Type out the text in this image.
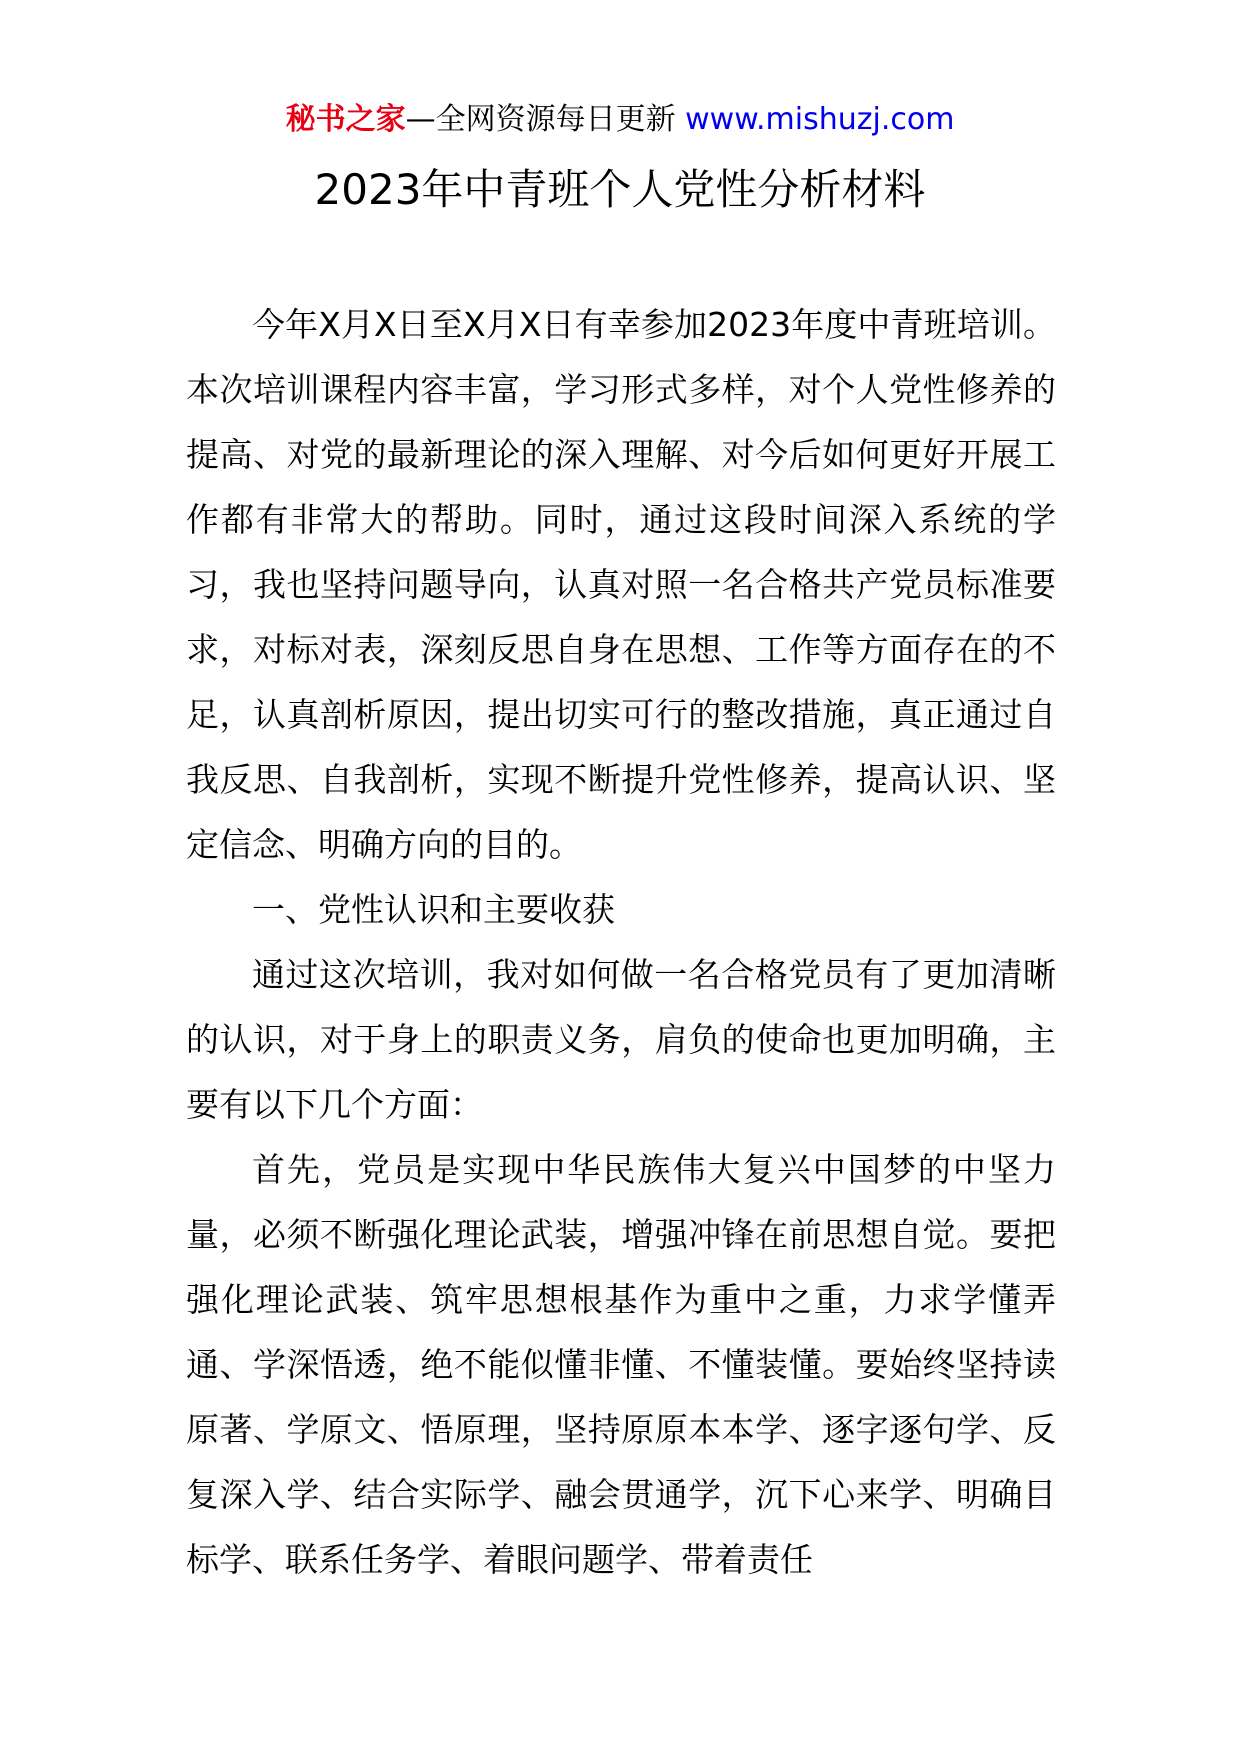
秘书之家—全网资源每日更新 www.mishuzj.com
2023年中青班个人党性分析材料

今年X月X日至X月X日有幸参加2023年度中青班培训。本次培训课程内容丰富，学习形式多样，对个人党性修养的提高、对党的最新理论的深入理解、对今后如何更好开展工作都有非常大的帮助。同时，通过这段时间深入系统的学习，我也坚持问题导向，认真对照一名合格共产党员标准要求，对标对表，深刻反思自身在思想、工作等方面存在的不足，认真剖析原因，提出切实可行的整改措施，真正通过自我反思、自我剖析，实现不断提升党性修养，提高认识、坚定信念、明确方向的目的。

一、党性认识和主要收获

通过这次培训，我对如何做一名合格党员有了更加清晰的认识，对于身上的职责义务，肩负的使命也更加明确，主要有以下几个方面：

首先，党员是实现中华民族伟大复兴中国梦的中坚力量，必须不断强化理论武装，增强冲锋在前思想自觉。要把强化理论武装、筑牢思想根基作为重中之重，力求学懂弄通、学深悟透，绝不能似懂非懂、不懂装懂。要始终坚持读原著、学原文、悟原理，坚持原原本本学、逐字逐句学、反复深入学、结合实际学、融会贯通学，沉下心来学、明确目标学、联系任务学、着眼问题学、带着责任
